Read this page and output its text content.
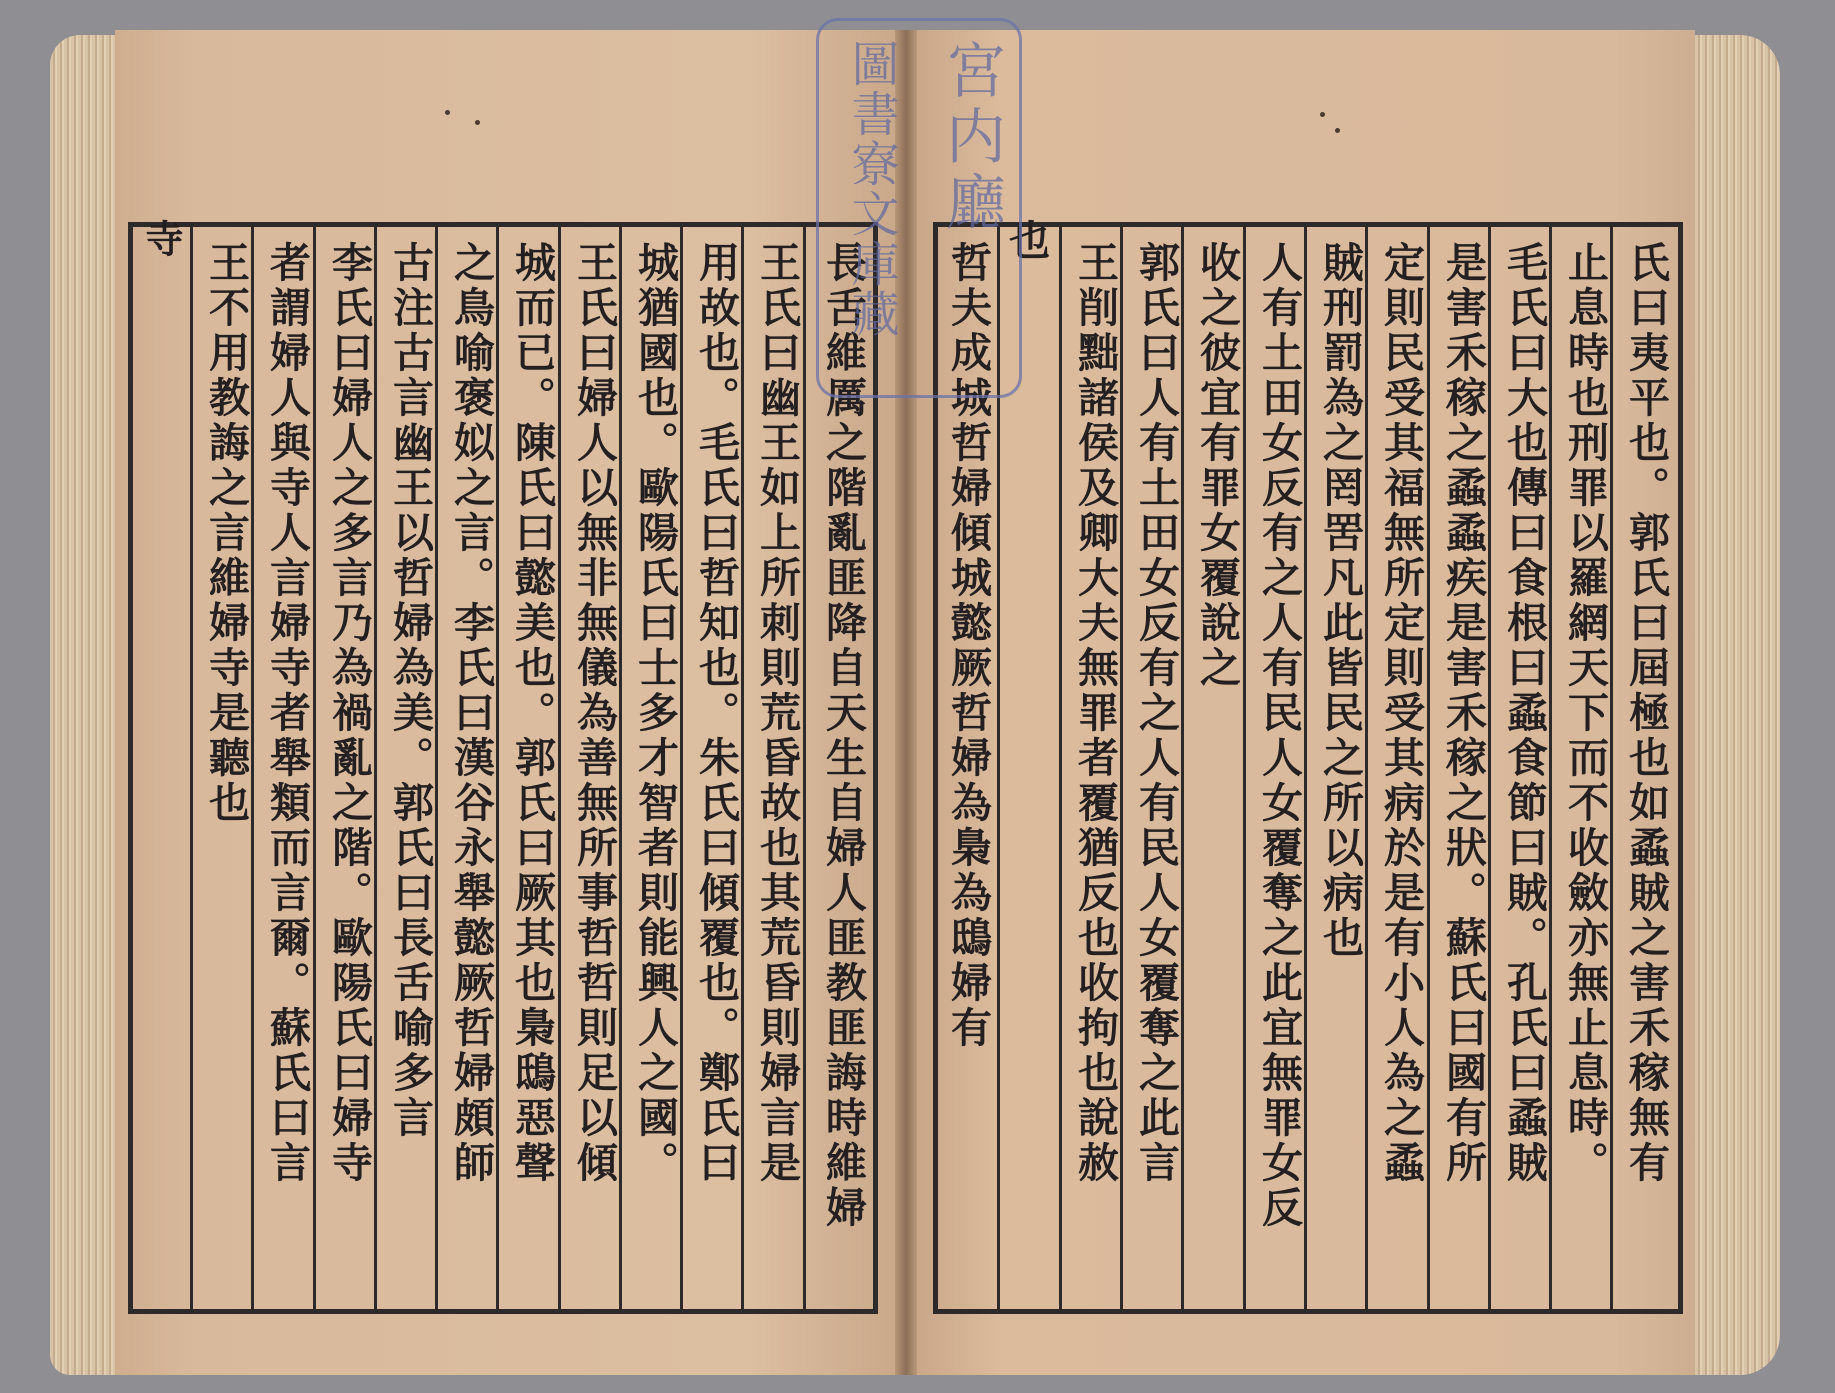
長舌維厲之階亂匪降自天生自婦人匪教匪誨時維婦
王氏曰幽王如上所刺則荒昏故也其荒昏則婦言是
用故也。毛氏曰哲知也。朱氏曰傾覆也。鄭氏曰
城猶國也。歐陽氏曰士多才智者則能興人之國。
王氏曰婦人以無非無儀為善無所事哲哲則足以傾
城而已。陳氏曰懿美也。郭氏曰厥其也梟鴟惡聲
之鳥喻褒姒之言。李氏曰漢谷永舉懿厥哲婦頗師
古注古言幽王以哲婦為美。郭氏曰長舌喻多言
李氏曰婦人之多言乃為禍亂之階。歐陽氏曰婦寺
者謂婦人與寺人言婦寺者舉類而言爾。蘇氏曰言
王不用教誨之言維婦寺是聽也
寺	也
哲夫成城哲婦傾城懿厥哲婦為梟為鴟婦有 王削黜諸侯及卿大夫無罪者覆猶反也收拘也說赦 郭氏曰人有土田女反有之人有民人女覆奪之此言 收之彼宜有罪女覆說之 人有土田女反有之人有民人女覆奪之此宜無罪女反 賊刑罰為之罔罟凡此皆民之所以病也 定則民受其福無所定則受其病於是有小人為之蟊 是害禾稼之蟊蟊疾是害禾稼之狀。蘇氏曰國有所 毛氏曰大也傳曰食根曰蟊食節曰賊。孔氏曰蟊賊 止息時也刑罪以羅網天下而不收斂亦無止息時。 氏曰夷平也。郭氏曰屆極也如蟊賊之害禾稼無有
宮内廳
圖書寮文庫藏
